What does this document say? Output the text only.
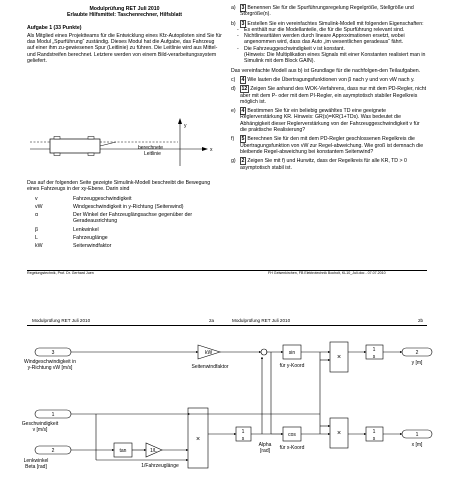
Modulprüfung RET Juli 2010
Erlaubte Hilfsmittel: Taschenrechner, Hilfsblatt
Aufgabe 1 (33 Punkte)
Als Mitglied eines Projektteams für die Entwicklung eines Kfz-Autopiloten sind Sie für das Modul „Spurführung“ zuständig. Dieses Modul hat die Aufgabe, das Fahrzeug auf einer ihm zu-gewiesenen Spur (Leitlinie) zu führen. Die Leitlinie wird aus Mittel- und Randstreifen berechnet. Letztere werden von einem Bild-verarbeitungssystem geliefert.
y
x
berechnete
Leitlinie
Das auf der folgenden Seite gezeigte Simulink-Modell beschreibt die Bewegung eines Fahrzeugs in der xy-Ebene. Darin sind
v	Fahrzeuggeschwindigkeit
vW	Windgeschwindigkeit in y-Richtung (Seitenwind)
α	Der Winkel der Fahrzeuglängsachse gegenüber der Geradeausrichtung
β	Lenkwinkel
L	Fahrzeuglänge
kW	Seitenwindfaktor
a)	3 Benennen Sie für die Spurführungsregelung Regelgröße, Stellgröße und Störgröße(n).
b)	3 Erstellen Sie ein vereinfachtes Simulink-Modell mit folgenden Eigenschaften:
-	Es enthält nur die Modellanteile, die für die Spurführung relevant sind.
-	Nichtlinearitäten werden durch lineare Approximationen ersetzt, wobei angenommen wird, dass das Auto „im wesentlichen geradeaus“ fährt.
-	Die Fahrzeuggeschwindigkeit v ist konstant.
(Hinweis: Die Multiplikation eines Signals mit einer Konstanten realisiert man in Simulink mit dem Block GAIN).
Das vereinfachte Modell aus b) ist Grundlage für die nachfolgen-den Teilaufgaben.
c)	4 Wie lauten die Übertragungsfunktionen von β nach y und von vW nach y.
d)	12 Zeigen Sie anhand des WOK-Verfahrens, dass nur mit dem PD-Regler, nicht aber mit dem P- oder mit dem PI-Regler, ein asymptotisch stabiler Regelkreis möglich ist.
e)	4 Bestimmen Sie für ein beliebig gewähltes TD eine geeignete Reglerverstärkung KR. Hinweis: GR(s)=KR(1+TDs). Was bedeutet die Abhängigkeit dieser Reglerverstärkung von der Fahrzeuggeschwindigkeit v für die praktische Realisierung?
f)	5 Berechnen Sie für den mit dem PD-Regler geschlossenen Regelkreis die Übertragungsfunktion von vW zur Regel-abweichung. Wie groß ist demnach die bleibende Regel-abweichung bei konstantem Seitenwind?
g)	2 Zeigen Sie mit f) und Hurwitz, dass der Regelkreis für alle KR, TD > 0 asymptotisch stabil ist.
Regelungstechnik, Prof. Dr. Gerhard Juen	FH Gelsenkirchen, FB Elektrotechnik Bocholt, KL10_Juli.doc - 07.07.2010
Modulprüfung RET Juli 2010	2a	Modulprüfung RET Juli 2010	2b
3
Windgeschwindigkeit in
y-Richtung vW [m/s]
kW
Seitenwindfaktor
sin
für y-Koord
cos
für x-Koord
×
×
×
1
s
1
s
1
s
Alpha
[rad]
2
y [m]
1
x [m]
1
Geschwindigkeit
v [m/s]
2
Lenkwinkel
Beta [rad]
tan	1/L
1/Fahrzeuglänge
